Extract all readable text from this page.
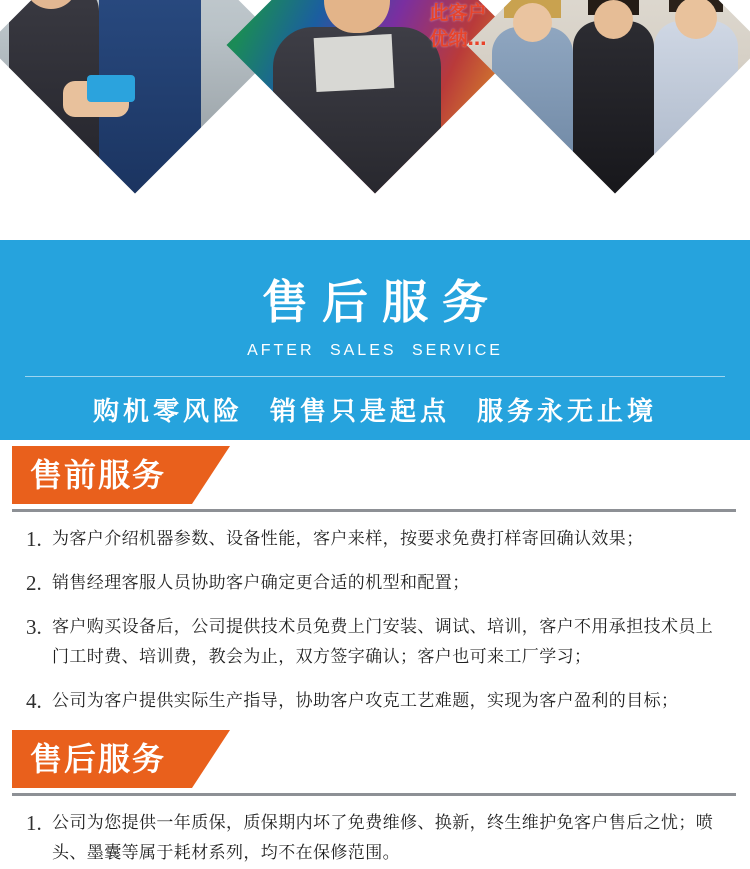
此客户优纳…
售后服务
AFTER SALES SERVICE
购机零风险 销售只是起点 服务永无止境
售前服务
1. 为客户介绍机器参数、设备性能，客户来样，按要求免费打样寄回确认效果；
2. 销售经理客服人员协助客户确定更合适的机型和配置；
3. 客户购买设备后，公司提供技术员免费上门安装、调试、培训，客户不用承担技术员上门工时费、培训费，教会为止，双方签字确认；客户也可来工厂学习；
4. 公司为客户提供实际生产指导，协助客户攻克工艺难题，实现为客户盈利的目标；
售后服务
1. 公司为您提供一年质保，质保期内坏了免费维修、换新，终生维护免客户售后之忧；喷头、墨囊等属于耗材系列，均不在保修范围。
